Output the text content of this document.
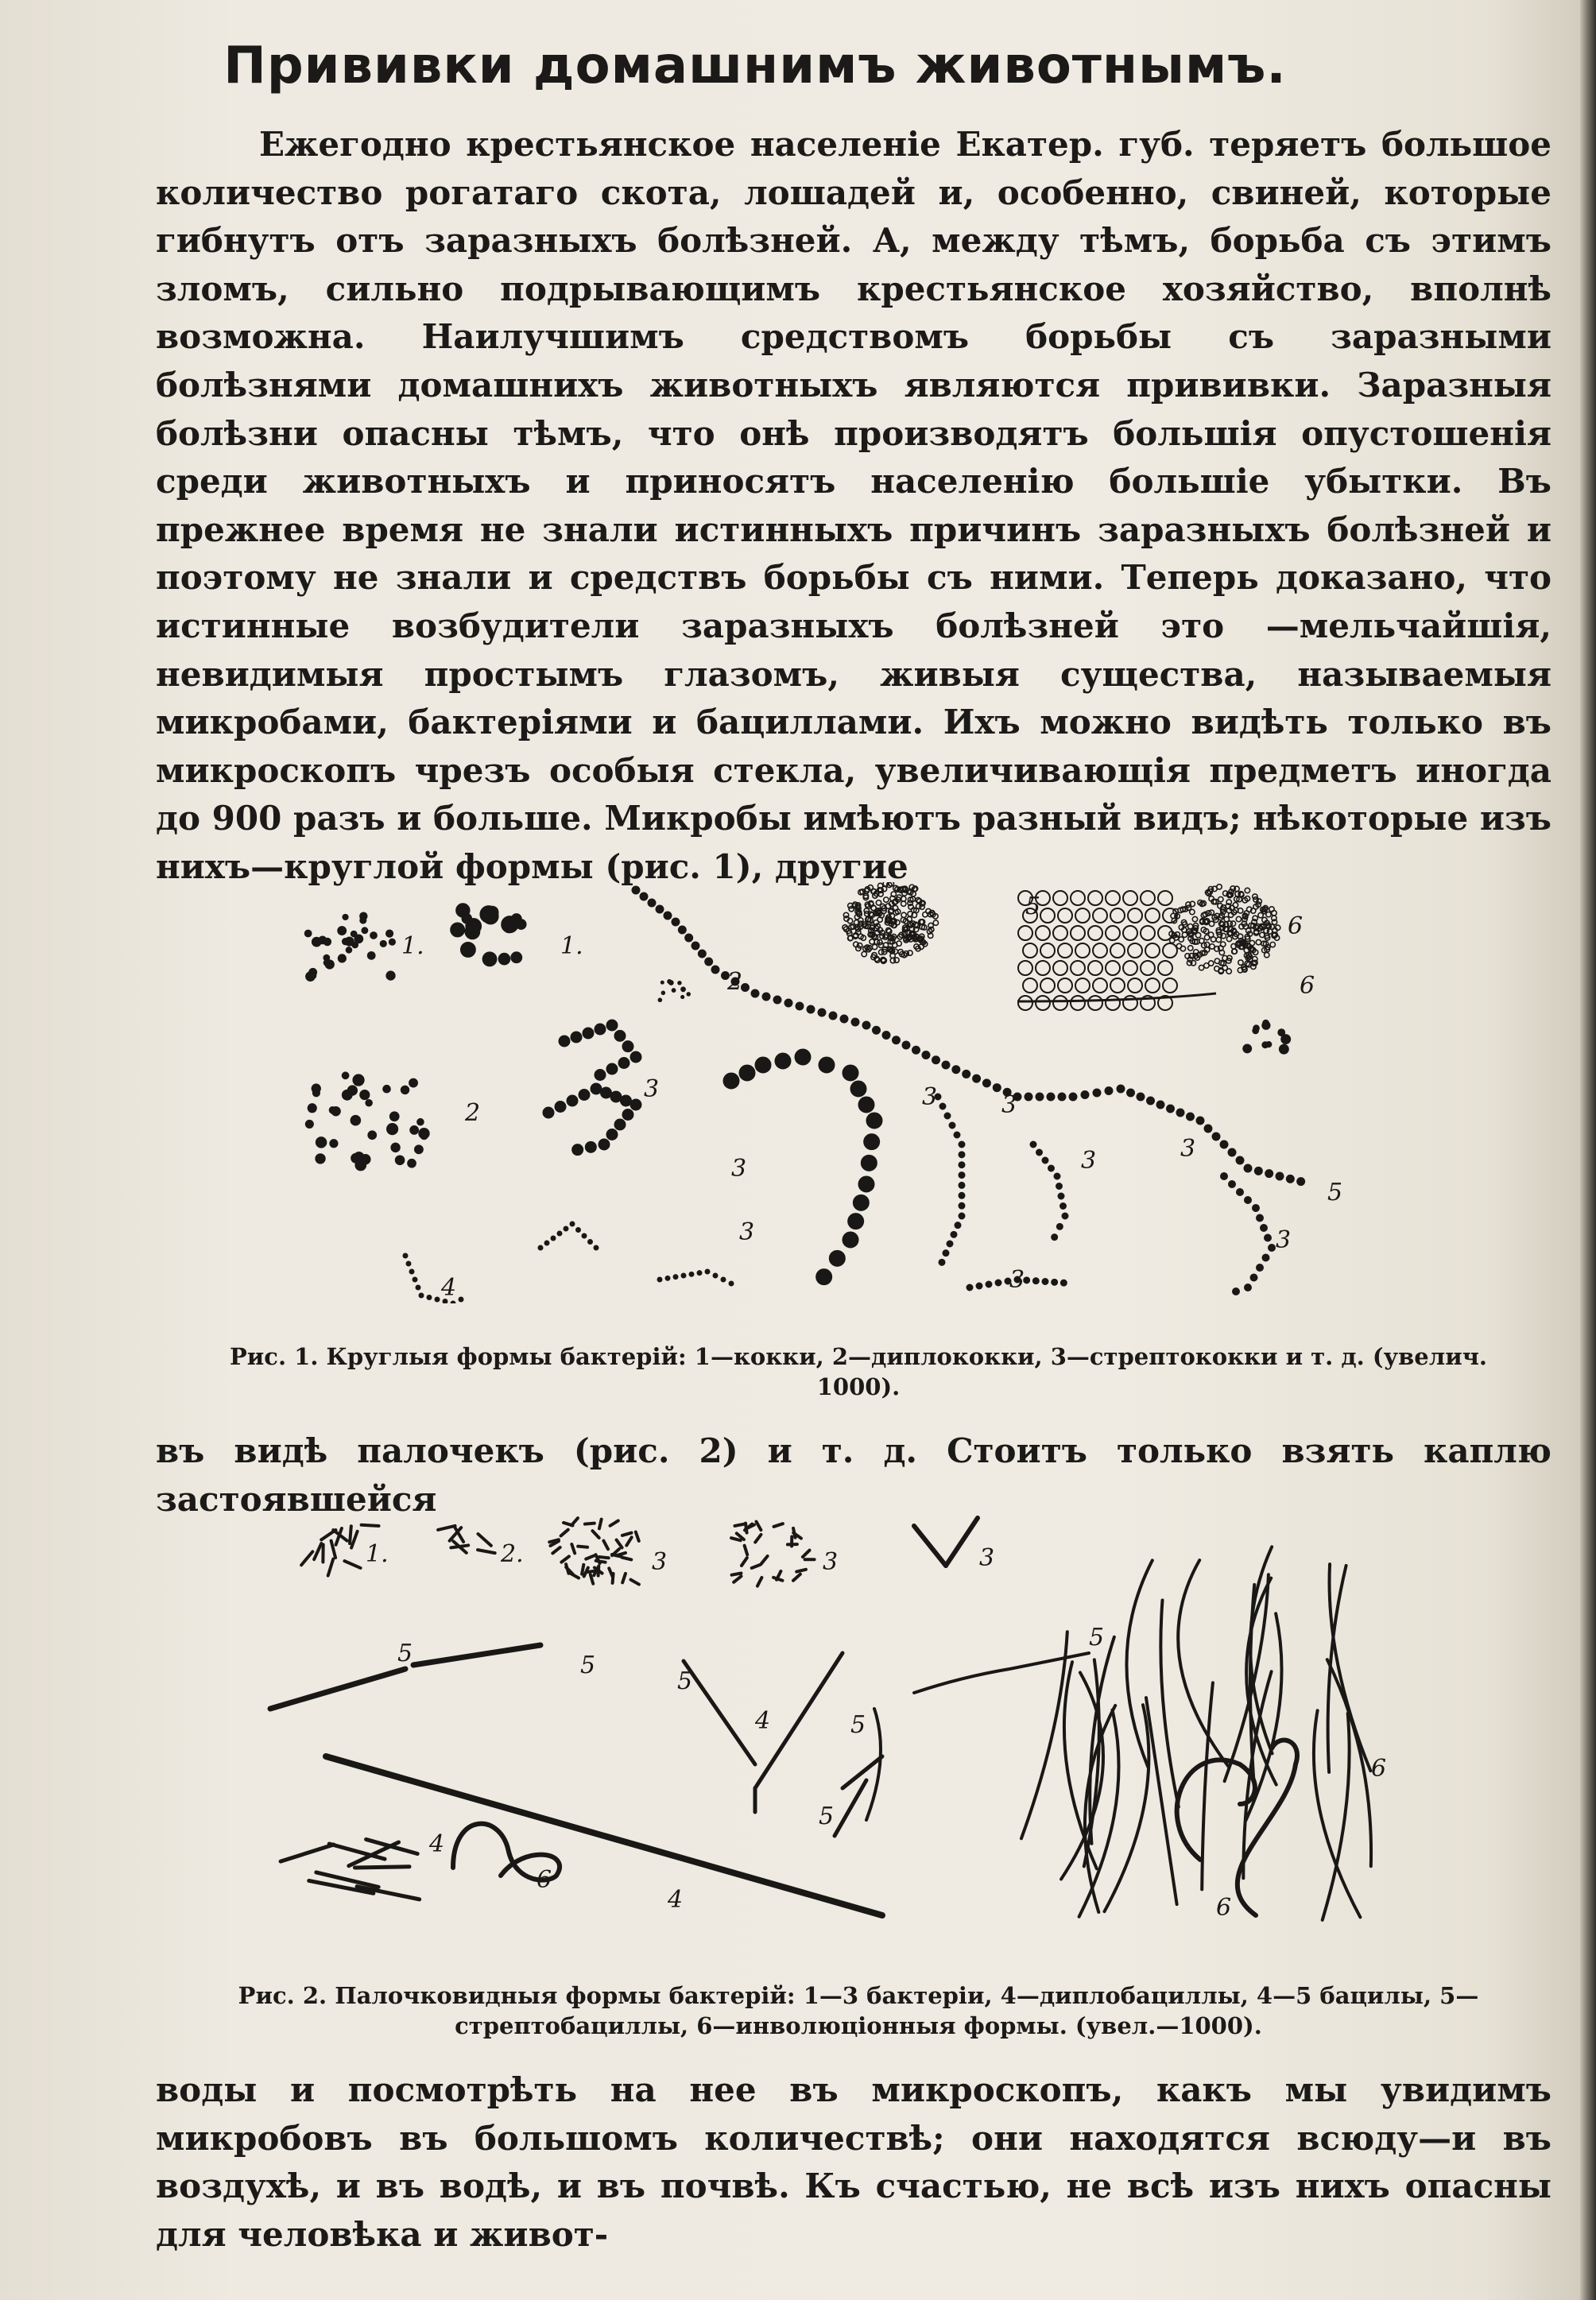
Прививки домашнимъ животнымъ.

Ежегодно крестьянское населеніе Екатер. губ. теряетъ большое количество рогатаго скота, лошадей и, особенно, свиней, которые гибнутъ отъ заразныхъ болѣзней. А, между тѣмъ, борьба съ этимъ зломъ, сильно подрывающимъ крестьянское хозяйство, вполнѣ возможна. Наилучшимъ средствомъ борьбы съ заразными болѣзнями домашнихъ животныхъ являются прививки. Заразныя болѣзни опасны тѣмъ, что онѣ производятъ большія опустошенія среди животныхъ и приносятъ населенію большіе убытки. Въ прежнее время не знали истинныхъ причинъ заразныхъ болѣзней и поэтому не знали и средствъ борьбы съ ними. Теперь доказано, что истинные возбудители заразныхъ болѣзней это —мельчайшія, невидимыя простымъ глазомъ, живыя существа, называемыя микробами, бактеріями и бациллами. Ихъ можно видѣть только въ микроскопъ чрезъ особыя стекла, увеличивающія предметъ иногда до 900 разъ и больше. Микробы имѣютъ разный видъ; нѣкоторые изъ нихъ—круглой формы (рис. 1), другие

1.	1.
2.
2
3
3
3
3	3
3
3
3
3
4
5
5
6
6

Рис. 1. Круглыя формы бактерій: 1—кокки, 2—диплококки, 3—стрептококки и т. д. (увелич. 1000).

въ видѣ палочекъ (рис. 2) и т. д. Стоитъ только взять каплю застоявшейся

1.	2.	3	3	3
5	5
5
5
5
5
4
4
4
6
6
6

Рис. 2. Палочковидныя формы бактерій: 1—3 бактеріи, 4—диплобациллы, 4—5 бацилы, 5—стрептобациллы, 6—инволюціонныя формы. (увел.—1000).

воды и посмотрѣть на нее въ микроскопъ, какъ мы увидимъ микробовъ въ большомъ количествѣ; они находятся всюду—и въ воздухѣ, и въ водѣ, и въ почвѣ. Къ счастью, не всѣ изъ нихъ опасны для человѣка и живот-
